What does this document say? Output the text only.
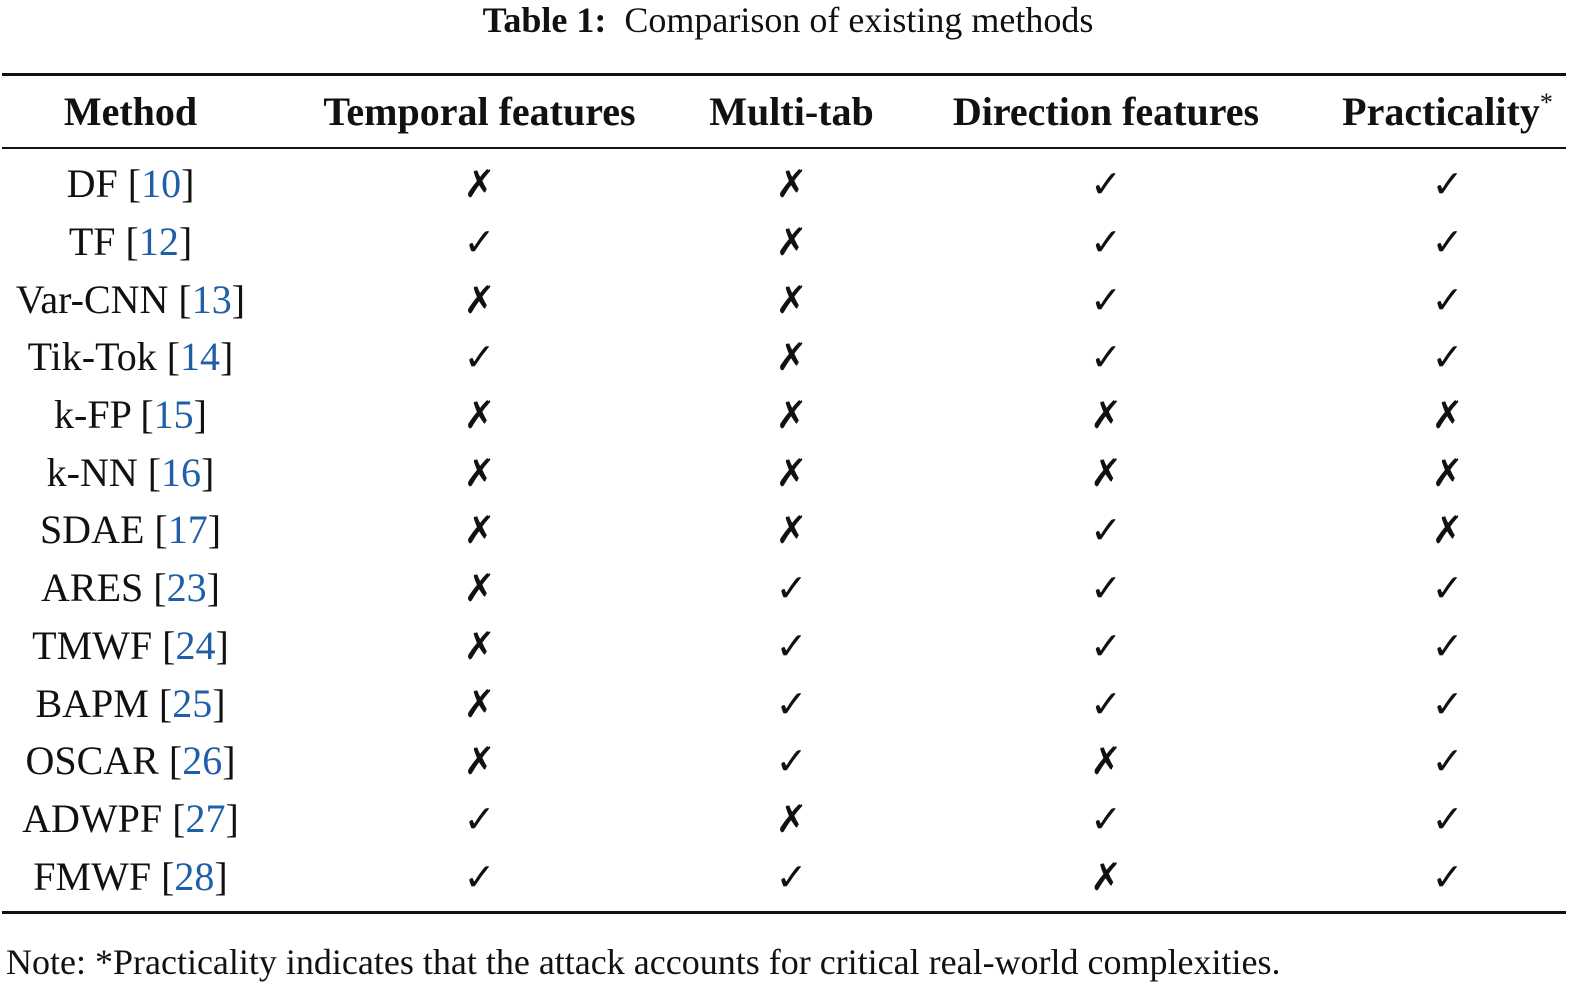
Table 1: Comparison of existing methods
Method	Temporal features	Multi-tab	Direction features	Practicality*

DF [10]	✗	✗	✓	✓
TF [12]	✓	✗	✓	✓
Var-CNN [13]	✗	✗	✓	✓
Tik-Tok [14]	✓	✗	✓	✓
k-FP [15]	✗	✗	✗	✗
k-NN [16]	✗	✗	✗	✗
SDAE [17]	✗	✗	✓	✗
ARES [23]	✗	✓	✓	✓
TMWF [24]	✗	✓	✓	✓
BAPM [25]	✗	✓	✓	✓
OSCAR [26]	✗	✓	✗	✓
ADWPF [27]	✓	✗	✓	✓
FMWF [28]	✓	✓	✗	✓
Note: *Practicality indicates that the attack accounts for critical real-world complexities.
